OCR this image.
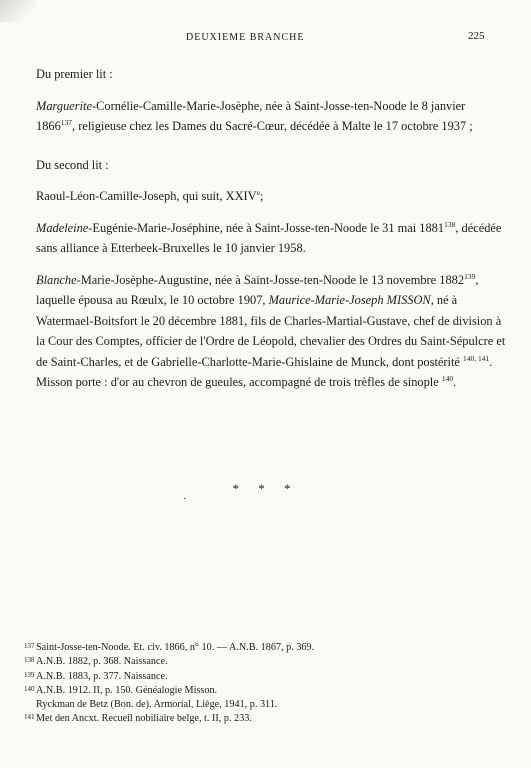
DEUXIEME BRANCHE	225

Du premier lit :

Marguerite-Cornélie-Camille-Marie-Josèphe, née à Saint-Josse-ten-Noode le 8 janvier 1866$^{137}$, religieuse chez les Dames du Sacré-Cœur, décédée à Malte le 17 octobre 1937 ;

Du second lit :

Raoul-Léon-Camille-Joseph, qui suit, XXIVe;

Madeleine-Eugénie-Marie-Joséphine, née à Saint-Josse-ten-Noode le 31 mai 1881$^{138}$, décédée sans alliance à Etterbeek-Bruxelles le 10 janvier 1958.

Blanche-Marie-Josèphe-Augustine, née à Saint-Josse-ten-Noode le 13 novembre 1882$^{139}$, laquelle épousa au Rœulx, le 10 octobre 1907, Maurice-Marie-Joseph MISSON, né à Watermael-Boitsfort le 20 décembre 1881, fils de Charles-Martial-Gustave, chef de division à la Cour des Comptes, officier de l'Ordre de Léopold, chevalier des Ordres du Saint-Sépulcre et de Saint-Charles, et de Gabrielle-Charlotte-Marie-Ghislaine de Munck, dont postérité $^{140, 141}$.

Misson porte : d'or au chevron de gueules, accompagné de trois trèfles de sinople $^{140}$.

* * *
·
137 Saint-Josse-ten-Noode. Et. civ. 1866, n° 10. — A.N.B. 1867, p. 369.
138 A.N.B. 1882, p. 368. Naissance.
139 A.N.B. 1883, p. 377. Naissance.
140 A.N.B. 1912. II, p. 150. Généalogie Misson.
Ryckman de Betz (Bon. de). Armorial, Liège, 1941, p. 311.
141 Met den Ancxt. Recueil nobiliaire belge, t. II, p. 233.
